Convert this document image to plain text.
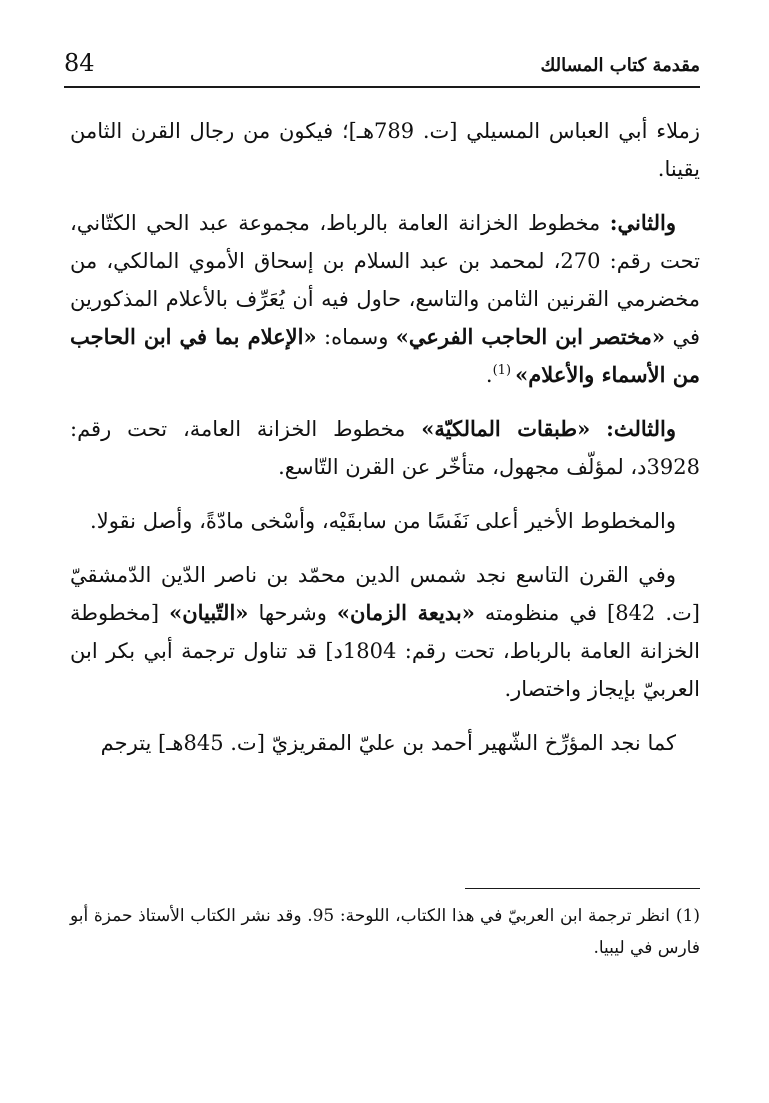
84	مقدمة كتاب المسالك

زملاء أبي العباس المسيلي [ت. 789هـ]؛ فيكون من رجال القرن الثامن يقينا.

والثاني: مخطوط الخزانة العامة بالرباط، مجموعة عبد الحي الكتّاني، تحت رقم: 270، لمحمد بن عبد السلام بن إسحاق الأموي المالكي، من مخضرمي القرنين الثامن والتاسع، حاول فيه أن يُعَرِّف بالأعلام المذكورين في «مختصر ابن الحاجب الفرعي» وسماه: «الإعلام بما في ابن الحاجب من الأسماء والأعلام» $^{(1)}$.

والثالث: «طبقات المالكيّة» مخطوط الخزانة العامة، تحت رقم: 3928د، لمؤلّف مجهول، متأخّر عن القرن التّاسع.

والمخطوط الأخير أعلى نَفَسًا من سابقَيْه، وأسْخى مادّةً، وأصل نقولا.

وفي القرن التاسع نجد شمس الدين محمّد بن ناصر الدّين الدّمشقيّ [ت. 842] في منظومته «بديعة الزمان» وشرحها «التّبيان» [مخطوطة الخزانة العامة بالرباط، تحت رقم: 1804د] قد تناول ترجمة أبي بكر ابن العربيّ بإيجاز واختصار.

كما نجد المؤرِّخ الشّهير أحمد بن عليّ المقريزيّ [ت. 845هـ] يترجم

(1)انظر ترجمة ابن العربيّ في هذا الكتاب، اللوحة: 95. وقد نشر الكتاب الأستاذ حمزة أبو فارس في ليبيا.
